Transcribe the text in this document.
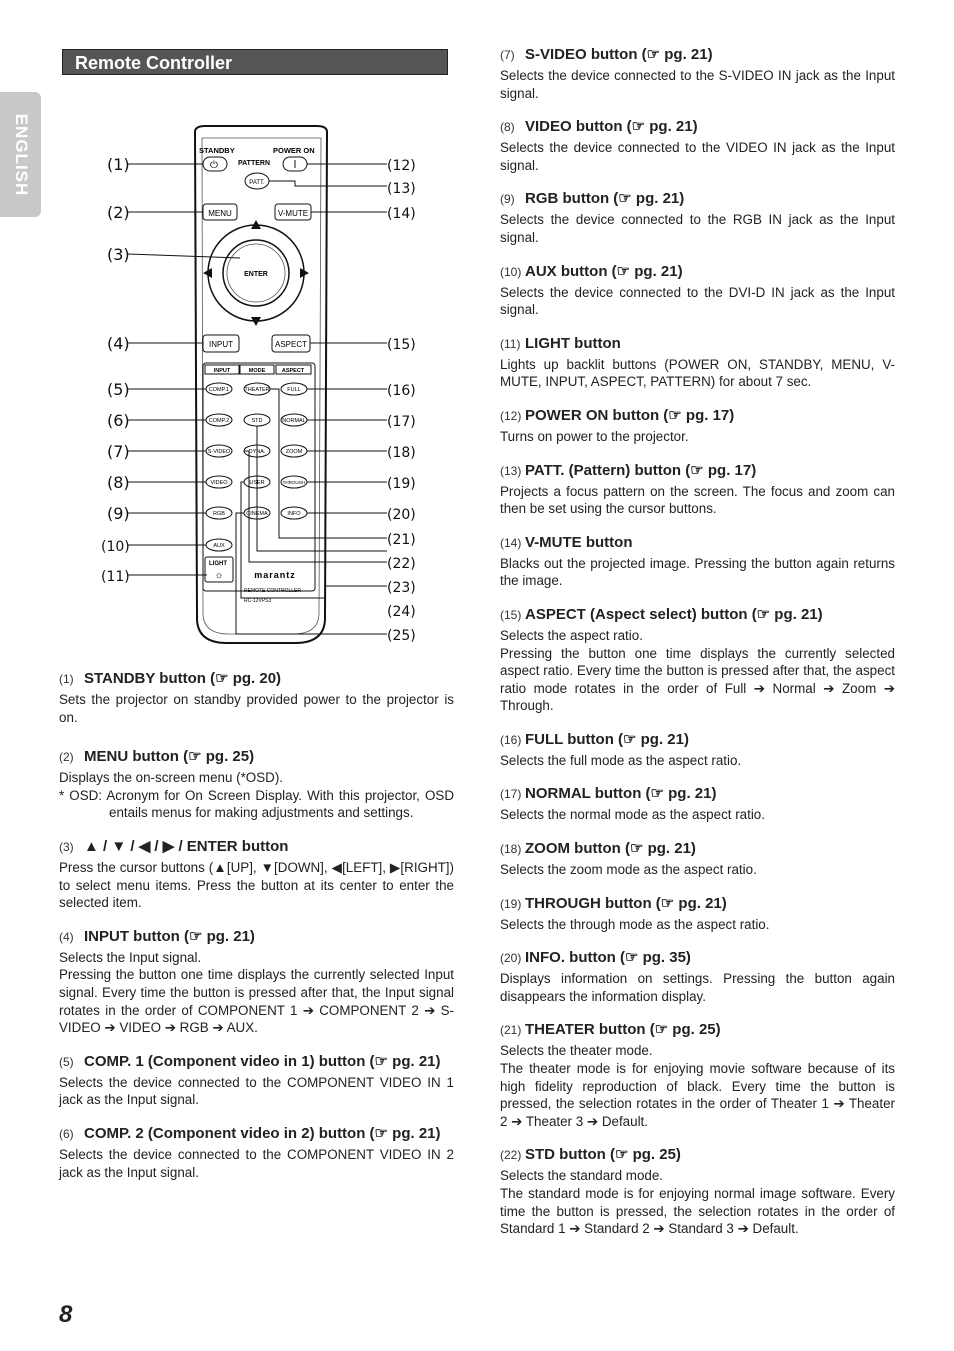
ENGLISH
Remote Controller
STANDBY	POWER ON
PATTERN
⏻
PATT.
MENU	V-MUTE
ENTER
INPUT	ASPECT
INPUT	MODE	ASPECT
COMP.1	THEATER	FULL
COMP.2	STD	NORMAL
S-VIDEO	DYNA.	ZOOM
VIDEO	USER	THROUGH
RGB	CINEMA	INFO
AUX
LIGHT
☼	marantz
REMOTE CONTROLLER
RC-12VPS3
(1)
(2)
(3)
(4)
(5)
(6)
(7)
(8)
(9)
(10)
(11)
(12)
(13)
(14)
(15)
(16)
(17)
(18)
(19)
(20)
(21)
(22)
(23)
(24)
(25)
(1) STANDBY button (☞ pg. 20)

Sets the projector on standby provided power to the projector is on.

(2) MENU button (☞ pg. 25)

Displays the on-screen menu (*OSD).

* OSD: Acronym for On Screen Display. With this projector, OSD entails menus for making adjustments and settings.

(3) ▲ / ▼ / ◀ / ▶ / ENTER button

Press the cursor buttons (▲[UP], ▼[DOWN], ◀[LEFT], ▶[RIGHT]) to select menu items. Press the button at its center to enter the selected item.

(4) INPUT button (☞ pg. 21)

Selects the Input signal.

Pressing the button one time displays the currently selected Input signal. Every time the button is pressed after that, the Input signal rotates in the order of COMPONENT 1 ➔ COMPONENT 2 ➔ S-VIDEO ➔ VIDEO ➔ RGB ➔ AUX.

(5) COMP. 1 (Component video in 1) button (☞ pg. 21)

Selects the device connected to the COMPONENT VIDEO IN 1 jack as the Input signal.

(6) COMP. 2 (Component video in 2) button (☞ pg. 21)

Selects the device connected to the COMPONENT VIDEO IN 2 jack as the Input signal.

(7) S-VIDEO button (☞ pg. 21)

Selects the device connected to the S-VIDEO IN jack as the Input signal.

(8) VIDEO button (☞ pg. 21)

Selects the device connected to the VIDEO IN jack as the Input signal.

(9) RGB button (☞ pg. 21)

Selects the device connected to the RGB IN jack as the Input signal.

(10) AUX button (☞ pg. 21)

Selects the device connected to the DVI-D IN jack as the Input signal.

(11) LIGHT button

Lights up backlit buttons (POWER ON, STANDBY, MENU, V-MUTE, INPUT, ASPECT, PATTERN) for about 7 sec.

(12) POWER ON button (☞ pg. 17)

Turns on power to the projector.

(13) PATT. (Pattern) button (☞ pg. 17)

Projects a focus pattern on the screen. The focus and zoom can then be set using the cursor buttons.

(14) V-MUTE button

Blacks out the projected image. Pressing the button again returns the image.

(15) ASPECT (Aspect select) button (☞ pg. 21)

Selects the aspect ratio.

Pressing the button one time displays the currently selected aspect ratio. Every time the button is pressed after that, the aspect ratio mode rotates in the order of Full ➔ Normal ➔ Zoom ➔ Through.

(16) FULL button (☞ pg. 21)

Selects the full mode as the aspect ratio.

(17) NORMAL button (☞ pg. 21)

Selects the normal mode as the aspect ratio.

(18) ZOOM button (☞ pg. 21)

Selects the zoom mode as the aspect ratio.

(19) THROUGH button (☞ pg. 21)

Selects the through mode as the aspect ratio.

(20) INFO. button (☞ pg. 35)

Displays information on settings. Pressing the button again disappears the information display.

(21) THEATER button (☞ pg. 25)

Selects the theater mode.

The theater mode is for enjoying movie software because of its high fidelity reproduction of black. Every time the button is pressed, the selection rotates in the order of Theater 1 ➔ Theater 2 ➔ Theater 3 ➔ Default.

(22) STD button (☞ pg. 25)

Selects the standard mode.

The standard mode is for enjoying normal image software. Every time the button is pressed, the selection rotates in the order of Standard 1 ➔ Standard 2 ➔ Standard 3 ➔ Default.

8
